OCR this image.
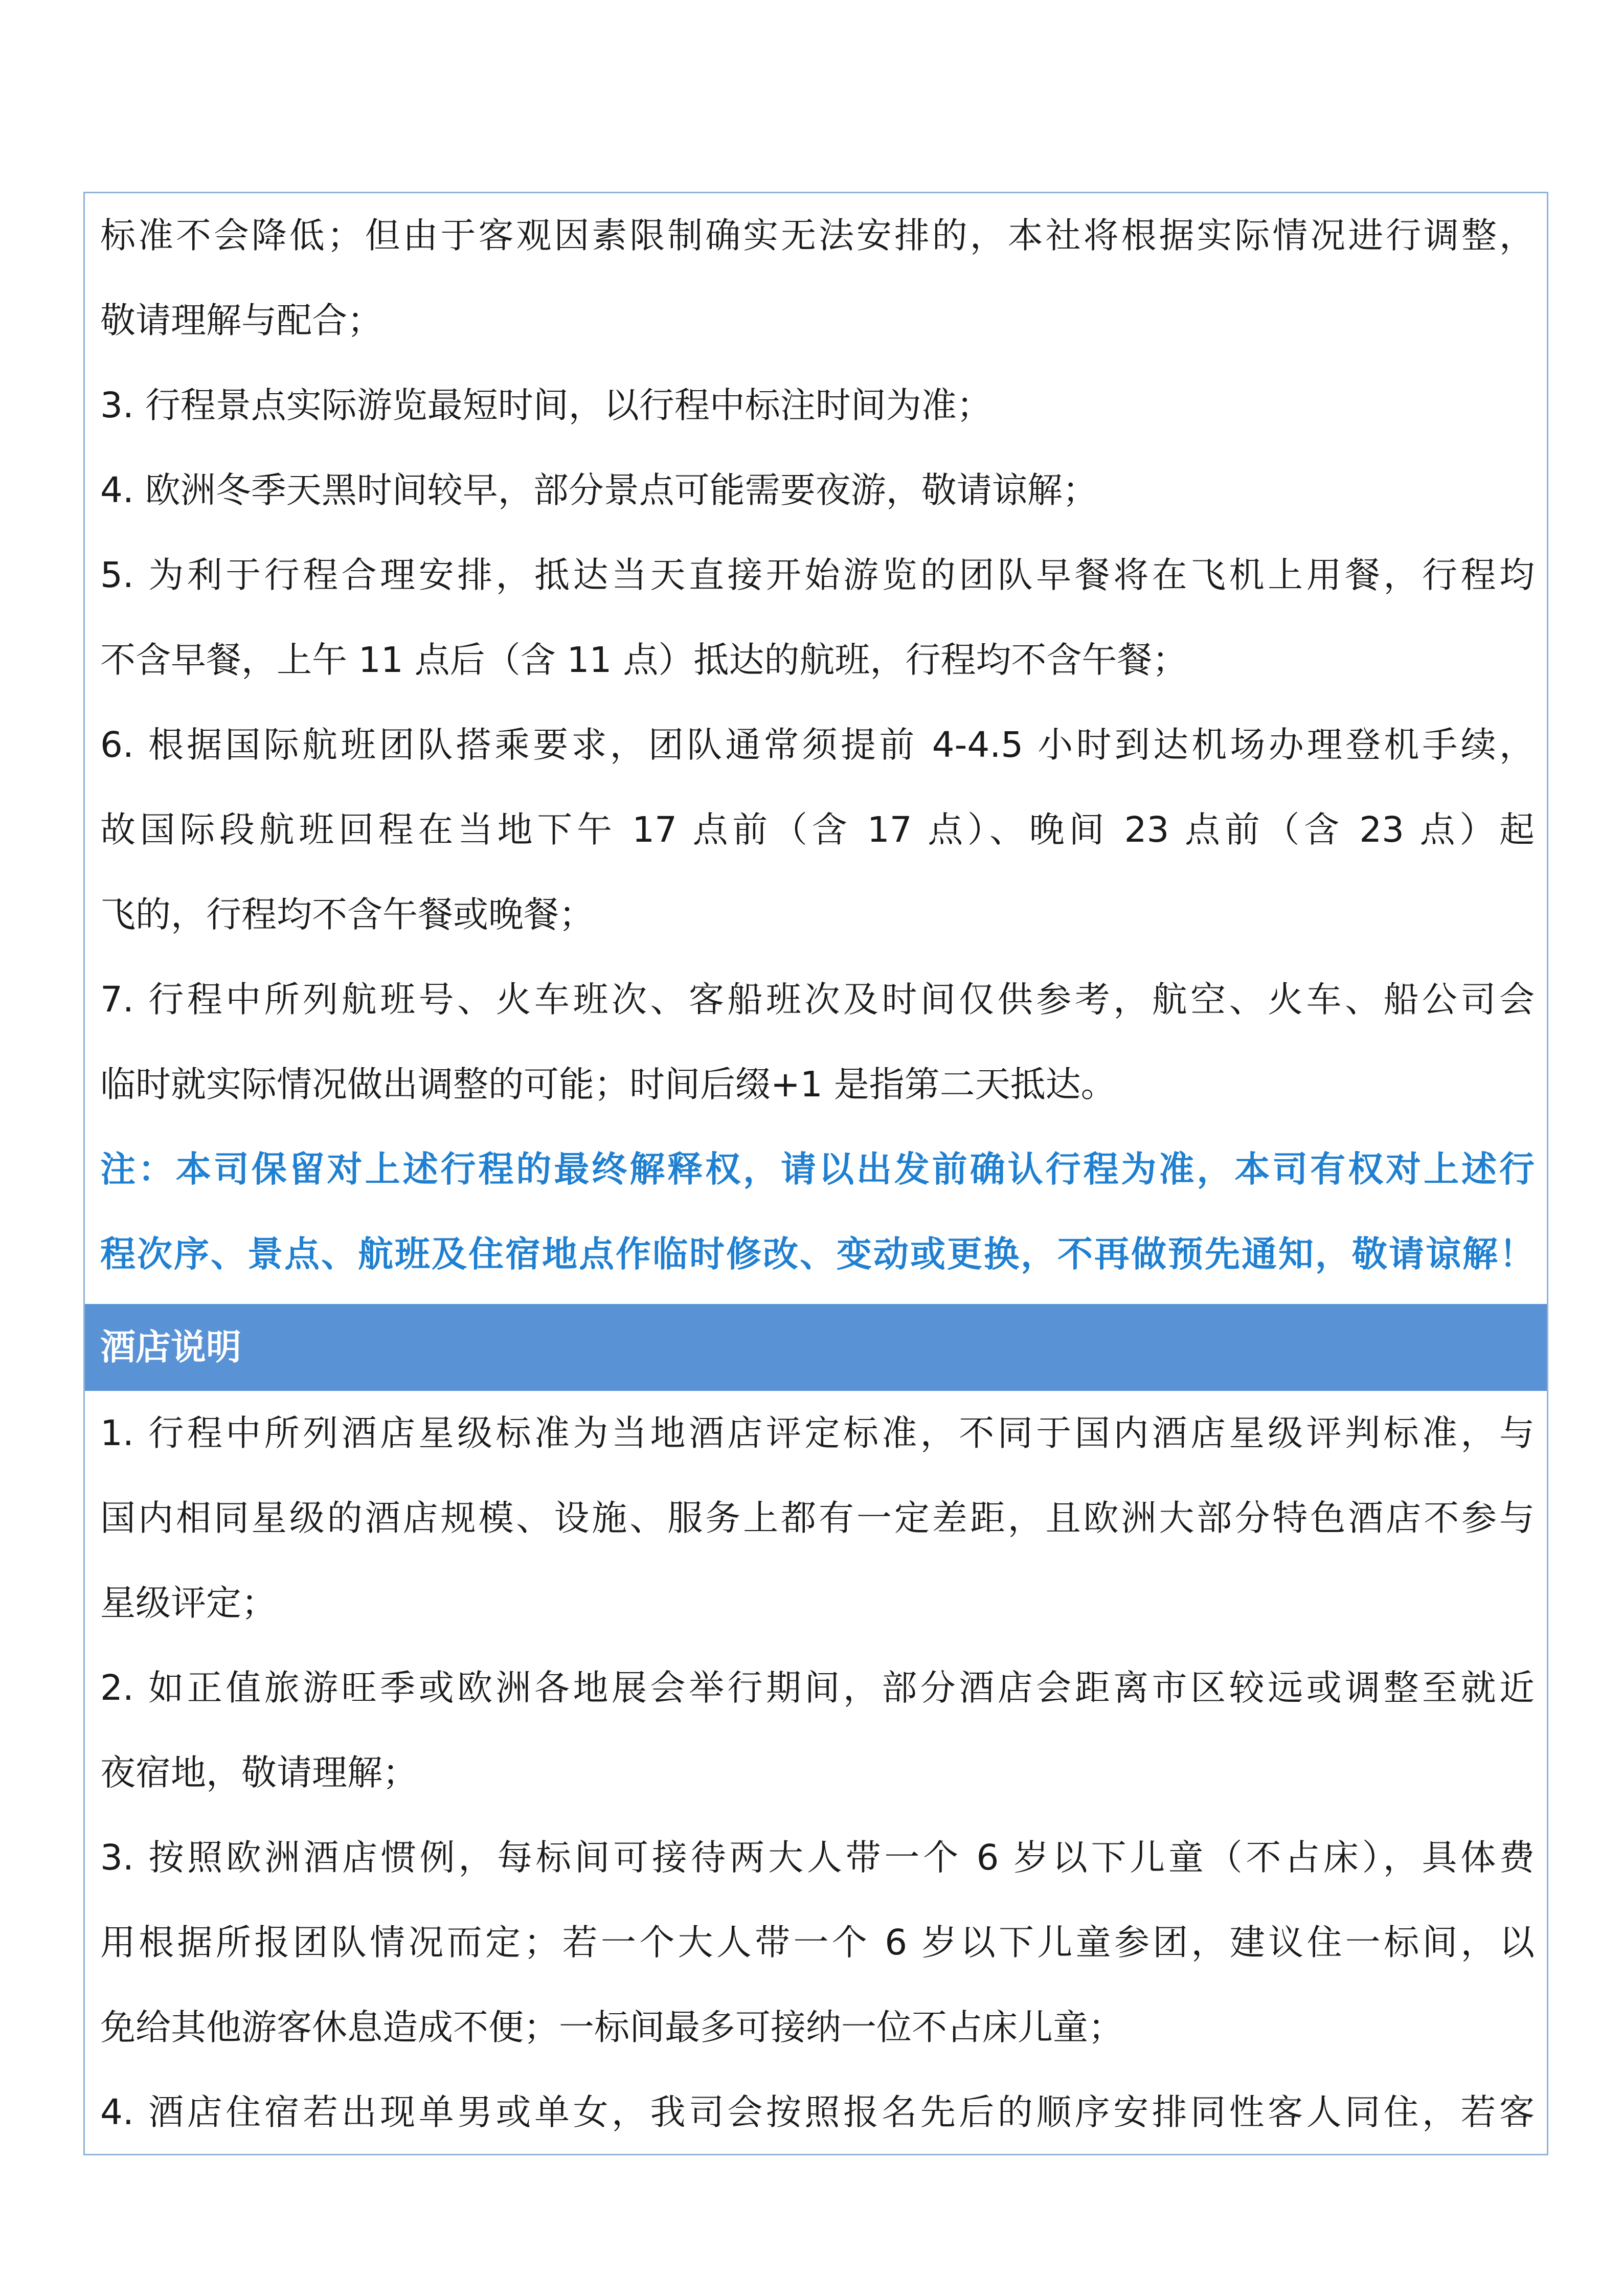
标准不会降低；但由于客观因素限制确实无法安排的，本社将根据实际情况进行调整，
敬请理解与配合；
3. 行程景点实际游览最短时间，以行程中标注时间为准；
4. 欧洲冬季天黑时间较早，部分景点可能需要夜游，敬请谅解；
5. 为利于行程合理安排，抵达当天直接开始游览的团队早餐将在飞机上用餐，行程均
不含早餐，上午 11 点后（含 11 点）抵达的航班，行程均不含午餐；
6. 根据国际航班团队搭乘要求，团队通常须提前 4-4.5 小时到达机场办理登机手续，
故国际段航班回程在当地下午 17 点前（含 17 点）、晚间 23 点前（含 23 点）起
飞的，行程均不含午餐或晚餐；
7. 行程中所列航班号、火车班次、客船班次及时间仅供参考，航空、火车、船公司会
临时就实际情况做出调整的可能；时间后缀+1 是指第二天抵达。
注：本司保留对上述行程的最终解释权，请以出发前确认行程为准，本司有权对上述行
程次序、景点、航班及住宿地点作临时修改、变动或更换，不再做预先通知，敬请谅解！
酒店说明
1. 行程中所列酒店星级标准为当地酒店评定标准，不同于国内酒店星级评判标准，与
国内相同星级的酒店规模、设施、服务上都有一定差距，且欧洲大部分特色酒店不参与
星级评定；
2. 如正值旅游旺季或欧洲各地展会举行期间，部分酒店会距离市区较远或调整至就近
夜宿地，敬请理解；
3. 按照欧洲酒店惯例，每标间可接待两大人带一个 6 岁以下儿童（不占床），具体费
用根据所报团队情况而定；若一个大人带一个 6 岁以下儿童参团，建议住一标间，以
免给其他游客休息造成不便；一标间最多可接纳一位不占床儿童；
4. 酒店住宿若出现单男或单女，我司会按照报名先后的顺序安排同性客人同住，若客
